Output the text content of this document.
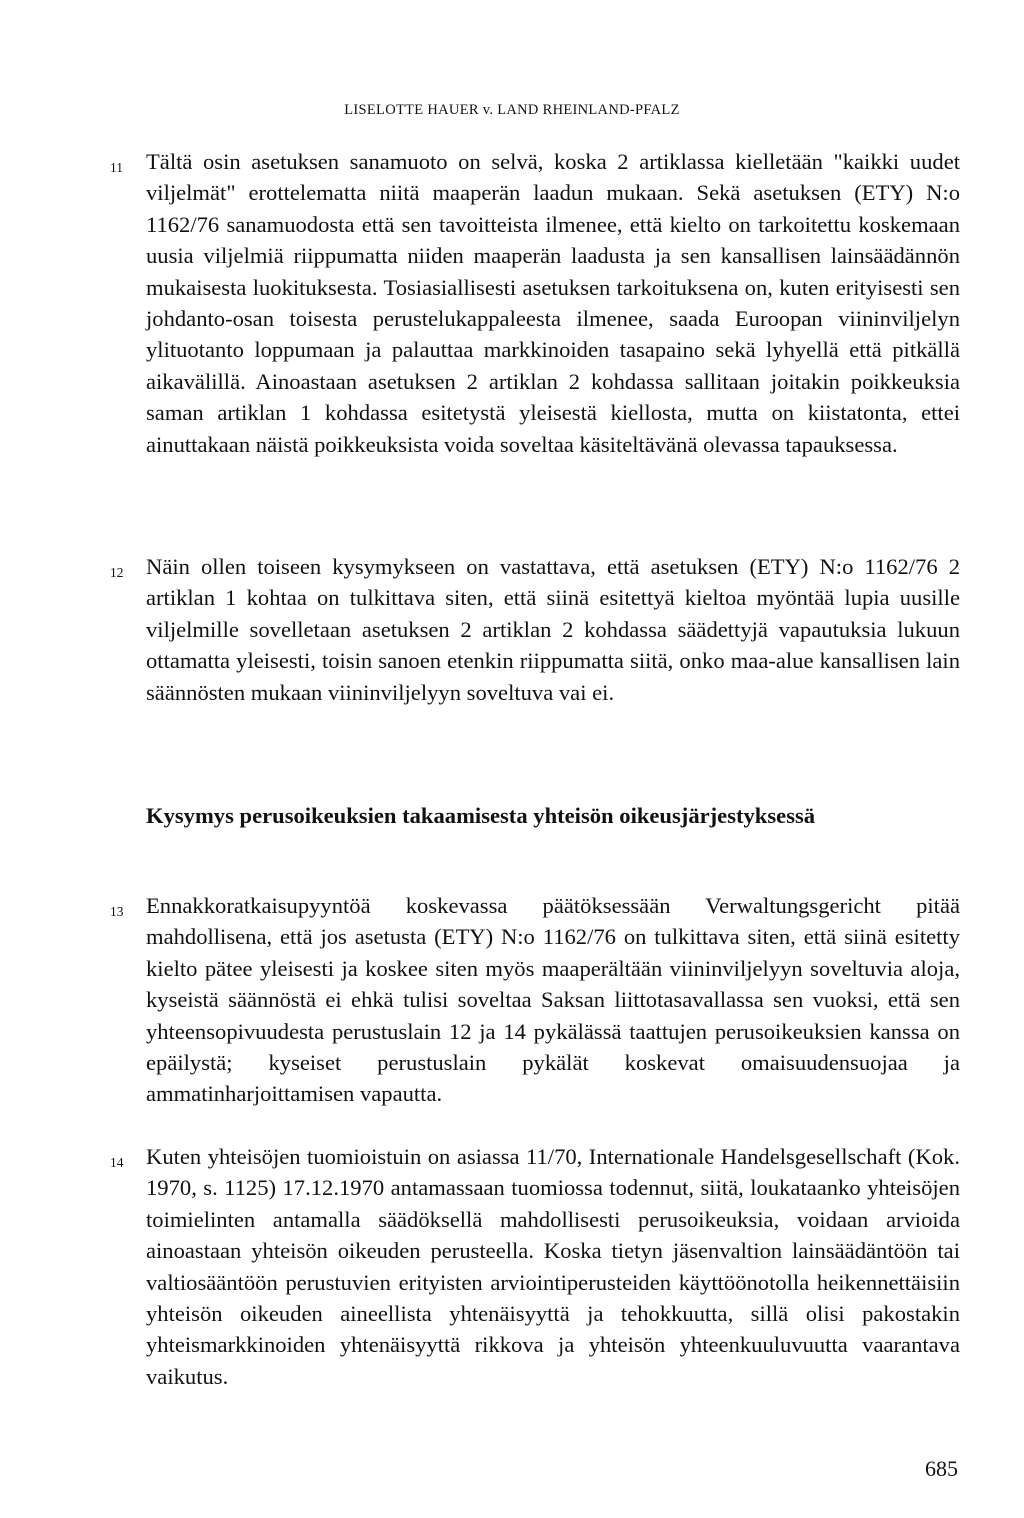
LISELOTTE HAUER v. LAND RHEINLAND-PFALZ

11 Tältä osin asetuksen sanamuoto on selvä, koska 2 artiklassa kielletään "kaikki uudet viljelmät" erottelematta niitä maaperän laadun mukaan. Sekä asetuksen (ETY) N:o 1162/76 sanamuodosta että sen tavoitteista ilmenee, että kielto on tarkoitettu koskemaan uusia viljelmiä riippumatta niiden maaperän laadusta ja sen kansallisen lainsäädännön mukaisesta luokituksesta. Tosiasiallisesti asetuksen tarkoituksena on, kuten erityisesti sen johdanto-osan toisesta perustelukappaleesta ilmenee, saada Euroopan viininviljelyn ylituotanto loppumaan ja palauttaa markkinoiden tasapaino sekä lyhyellä että pitkällä aikavälillä. Ainoastaan asetuksen 2 artiklan 2 kohdassa sallitaan joitakin poikkeuksia saman artiklan 1 kohdassa esitetystä yleisestä kiellosta, mutta on kiistatonta, ettei ainuttakaan näistä poikkeuksista voida soveltaa käsiteltävänä olevassa tapauksessa.

12 Näin ollen toiseen kysymykseen on vastattava, että asetuksen (ETY) N:o 1162/76 2 artiklan 1 kohtaa on tulkittava siten, että siinä esitettyä kieltoa myöntää lupia uusille viljelmille sovelletaan asetuksen 2 artiklan 2 kohdassa säädettyjä vapautuksia lukuun ottamatta yleisesti, toisin sanoen etenkin riippumatta siitä, onko maa-alue kansallisen lain säännösten mukaan viininviljelyyn soveltuva vai ei.

Kysymys perusoikeuksien takaamisesta yhteisön oikeusjärjestyksessä
13 Ennakkoratkaisupyyntöä koskevassa päätöksessään Verwaltungsgericht pitää mahdollisena, että jos asetusta (ETY) N:o 1162/76 on tulkittava siten, että siinä esitetty kielto pätee yleisesti ja koskee siten myös maaperältään viininviljelyyn soveltuvia aloja, kyseistä säännöstä ei ehkä tulisi soveltaa Saksan liittotasavallassa sen vuoksi, että sen yhteensopivuudesta perustuslain 12 ja 14 pykälässä taattujen perusoikeuksien kanssa on epäilystä; kyseiset perustuslain pykälät koskevat omaisuudensuojaa ja ammatinharjoittamisen vapautta.

14 Kuten yhteisöjen tuomioistuin on asiassa 11/70, Internationale Handelsgesellschaft (Kok. 1970, s. 1125) 17.12.1970 antamassaan tuomiossa todennut, siitä, loukataanko yhteisöjen toimielinten antamalla säädöksellä mahdollisesti perusoikeuksia, voidaan arvioida ainoastaan yhteisön oikeuden perusteella. Koska tietyn jäsenvaltion lainsäädäntöön tai valtiosääntöön perustuvien erityisten arviointiperusteiden käyttöönotolla heikennettäisiin yhteisön oikeuden aineellista yhtenäisyyttä ja tehokkuutta, sillä olisi pakostakin yhteismarkkinoiden yhtenäisyyttä rikkova ja yhteisön yhteenkuuluvuutta vaarantava vaikutus.

685
